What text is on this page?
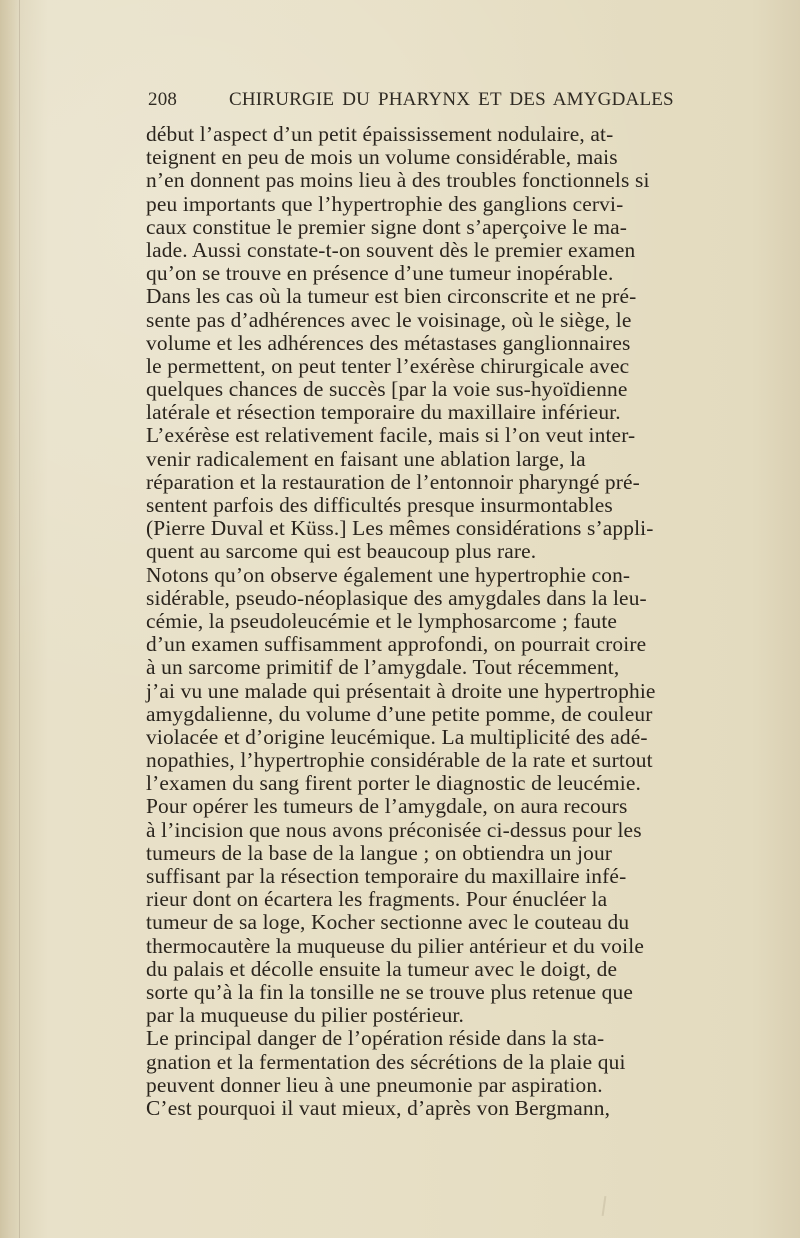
208	CHIRURGIE DU PHARYNX ET DES AMYGDALES
début l’aspect d’un petit épaississement nodulaire, at-
teignent en peu de mois un volume considérable, mais
n’en donnent pas moins lieu à des troubles fonctionnels si
peu importants que l’hypertrophie des ganglions cervi-
caux constitue le premier signe dont s’aperçoive le ma-
lade. Aussi constate-t-on souvent dès le premier examen
qu’on se trouve en présence d’une tumeur inopérable.
Dans les cas où la tumeur est bien circonscrite et ne pré-
sente pas d’adhérences avec le voisinage, où le siège, le
volume et les adhérences des métastases ganglionnaires
le permettent, on peut tenter l’exérèse chirurgicale avec
quelques chances de succès [par la voie sus-hyoïdienne
latérale et résection temporaire du maxillaire inférieur.
L’exérèse est relativement facile, mais si l’on veut inter-
venir radicalement en faisant une ablation large, la
réparation et la restauration de l’entonnoir pharyngé pré-
sentent parfois des difficultés presque insurmontables
(Pierre Duval et Küss.] Les mêmes considérations s’appli-
quent au sarcome qui est beaucoup plus rare.
Notons qu’on observe également une hypertrophie con-
sidérable, pseudo-néoplasique des amygdales dans la leu-
cémie, la pseudoleucémie et le lymphosarcome ; faute
d’un examen suffisamment approfondi, on pourrait croire
à un sarcome primitif de l’amygdale. Tout récemment,
j’ai vu une malade qui présentait à droite une hypertrophie
amygdalienne, du volume d’une petite pomme, de couleur
violacée et d’origine leucémique. La multiplicité des adé-
nopathies, l’hypertrophie considérable de la rate et surtout
l’examen du sang firent porter le diagnostic de leucémie.
Pour opérer les tumeurs de l’amygdale, on aura recours
à l’incision que nous avons préconisée ci-dessus pour les
tumeurs de la base de la langue ; on obtiendra un jour
suffisant par la résection temporaire du maxillaire infé-
rieur dont on écartera les fragments. Pour énucléer la
tumeur de sa loge, Kocher sectionne avec le couteau du
thermocautère la muqueuse du pilier antérieur et du voile
du palais et décolle ensuite la tumeur avec le doigt, de
sorte qu’à la fin la tonsille ne se trouve plus retenue que
par la muqueuse du pilier postérieur.
Le principal danger de l’opération réside dans la sta-
gnation et la fermentation des sécrétions de la plaie qui
peuvent donner lieu à une pneumonie par aspiration.
C’est pourquoi il vaut mieux, d’après von Bergmann,
